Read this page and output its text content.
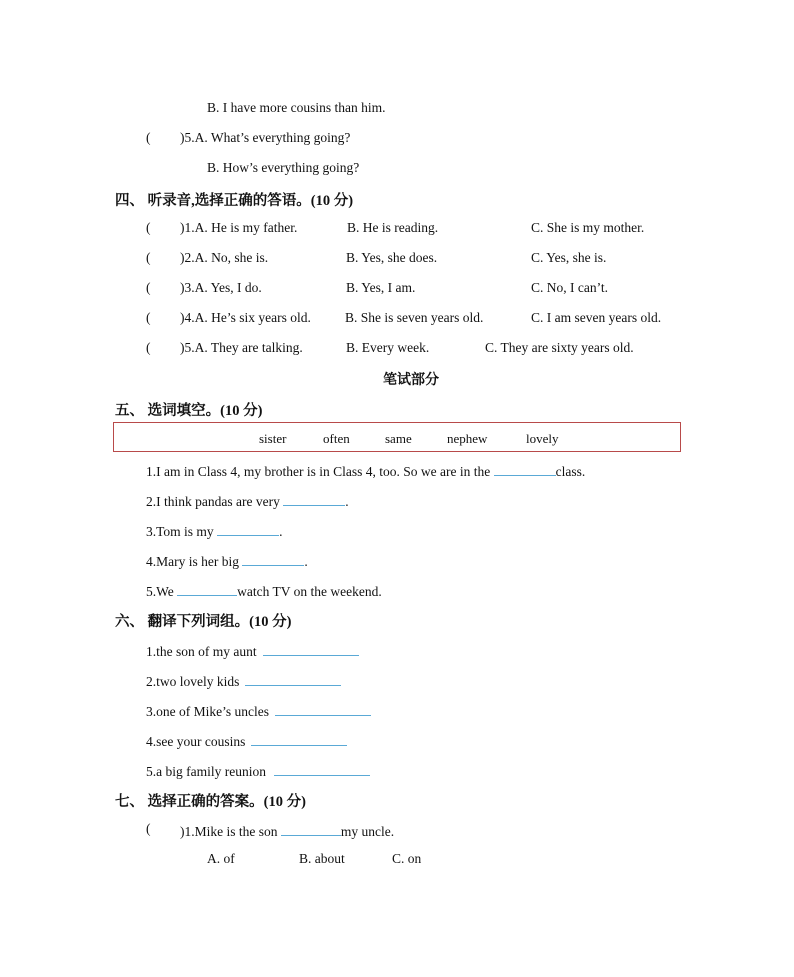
B. I have more cousins than him.
( )5.A. What’s everything going?
B. How’s everything going?
四、 听录音,选择正确的答语。(10 分)
( )1.A. He is my father.	B. He is reading.	C. She is my mother.
( )2.A. No, she is.	B. Yes, she does.	C. Yes, she is.
( )3.A. Yes, I do.	B. Yes, I am.	C. No, I can’t.
( )4.A. He’s six years old.	B. She is seven years old.	C. I am seven years old.
( )5.A. They are talking.	B. Every week.	C. They are sixty years old.
笔试部分
五、 选词填空。(10 分)
sister	often	same	nephew	lovely
1.I am in Class 4, my brother is in Class 4, too. So we are in the	class.
2.I think pandas are very	.
3.Tom is my	.
4.Mary is her big	.
5.We	watch TV on the weekend.
六、 翻译下列词组。(10 分)
1.the son of my aunt
2.two lovely kids
3.one of Mike’s uncles
4.see your cousins
5.a big family reunion
七、 选择正确的答案。(10 分)
( )1.Mike is the son	my uncle.
A. of	B. about	C. on
